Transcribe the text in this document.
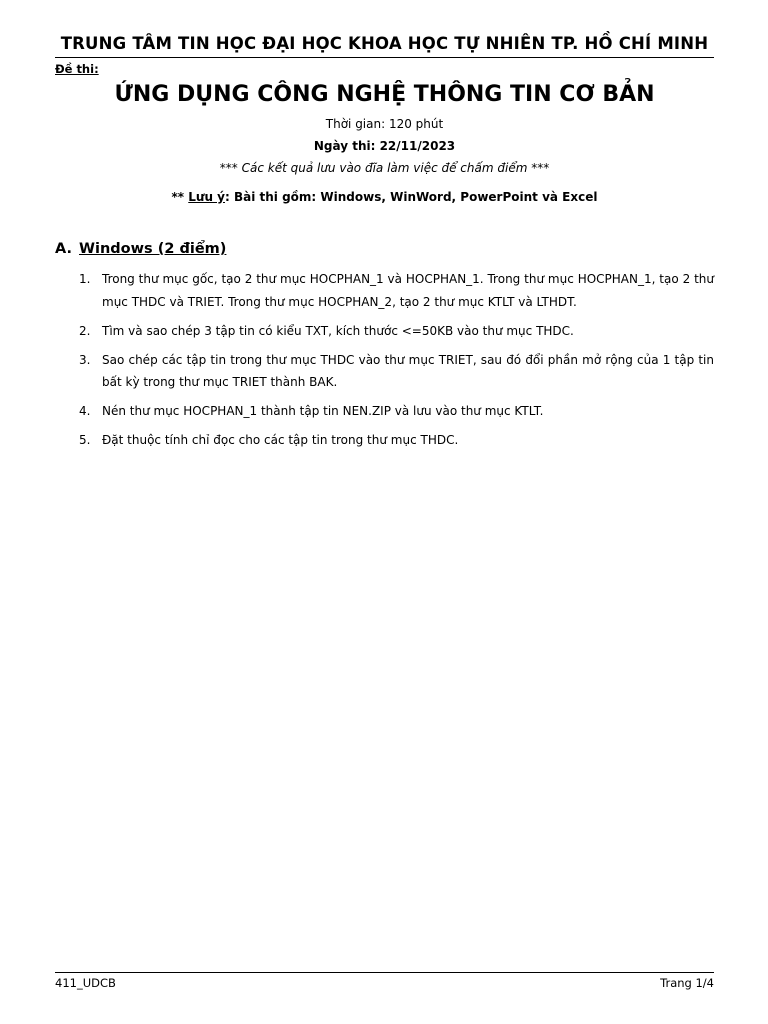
TRUNG TÂM TIN HỌC ĐẠI HỌC KHOA HỌC TỰ NHIÊN TP. HỒ CHÍ MINH
Đề thi:
ỨNG DỤNG CÔNG NGHỆ THÔNG TIN CƠ BẢN
Thời gian: 120 phút
Ngày thi: 22/11/2023
*** Các kết quả lưu vào đĩa làm việc để chấm điểm ***
** Lưu ý: Bài thi gồm: Windows, WinWord, PowerPoint và Excel
A. Windows (2 điểm)
1. Trong thư mục gốc, tạo 2 thư mục HOCPHAN_1 và HOCPHAN_1. Trong thư mục HOCPHAN_1, tạo 2 thư mục THDC và TRIET. Trong thư mục HOCPHAN_2, tạo 2 thư mục KTLT và LTHDT.
2. Tìm và sao chép 3 tập tin có kiểu TXT, kích thước <=50KB vào thư mục THDC.
3. Sao chép các tập tin trong thư mục THDC vào thư mục TRIET, sau đó đổi phần mở rộng của 1 tập tin bất kỳ trong thư mục TRIET thành BAK.
4. Nén thư mục HOCPHAN_1 thành tập tin NEN.ZIP và lưu vào thư mục KTLT.
5. Đặt thuộc tính chỉ đọc cho các tập tin trong thư mục THDC.
411_UDCB	Trang 1/4
